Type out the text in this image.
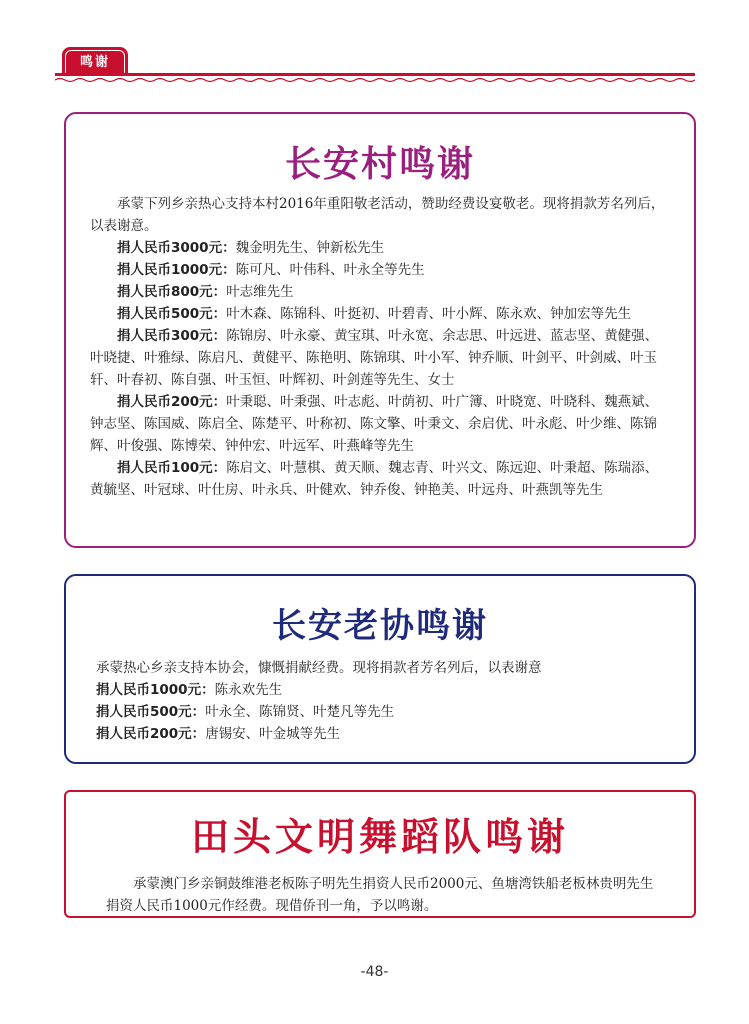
鸣谢
长安村鸣谢

承蒙下列乡亲热心支持本村2016年重阳敬老活动，赞助经费设宴敬老。现将捐款芳名列后，以表谢意。

捐人民币3000元：魏金明先生、钟新松先生

捐人民币1000元：陈可凡、叶伟科、叶永全等先生

捐人民币800元：叶志维先生

捐人民币500元：叶木森、陈锦科、叶挺初、叶碧青、叶小辉、陈永欢、钟加宏等先生

捐人民币300元：陈锦房、叶永豪、黄宝琪、叶永宽、余志思、叶远进、蓝志坚、黄健强、叶晓捷、叶雅绿、陈启凡、黄健平、陈艳明、陈锦琪、叶小军、钟乔顺、叶剑平、叶剑威、叶玉轩、叶春初、陈自强、叶玉恒、叶辉初、叶剑莲等先生、女士

捐人民币200元：叶秉聪、叶秉强、叶志彪、叶荫初、叶广簿、叶晓宽、叶晓科、魏燕斌、钟志坚、陈国威、陈启全、陈楚平、叶称初、陈文擎、叶秉文、余启优、叶永彪、叶少维、陈锦辉、叶俊强、陈博荣、钟仲宏、叶远军、叶燕峰等先生

捐人民币100元：陈启文、叶慧棋、黄天顺、魏志青、叶兴文、陈远迎、叶秉超、陈瑞添、黄毓坚、叶冠球、叶仕房、叶永兵、叶健欢、钟乔俊、钟艳美、叶远舟、叶燕凯等先生

长安老协鸣谢

承蒙热心乡亲支持本协会，慷慨捐献经费。现将捐款者芳名列后，以表谢意

捐人民币1000元：陈永欢先生

捐人民币500元：叶永全、陈锦贤、叶楚凡等先生

捐人民币200元：唐锡安、叶金城等先生

田头文明舞蹈队鸣谢

承蒙澳门乡亲铜鼓维港老板陈子明先生捐资人民币2000元、鱼塘湾铁船老板林贵明先生捐资人民币1000元作经费。现借侨刊一角，予以鸣谢。

-48-
